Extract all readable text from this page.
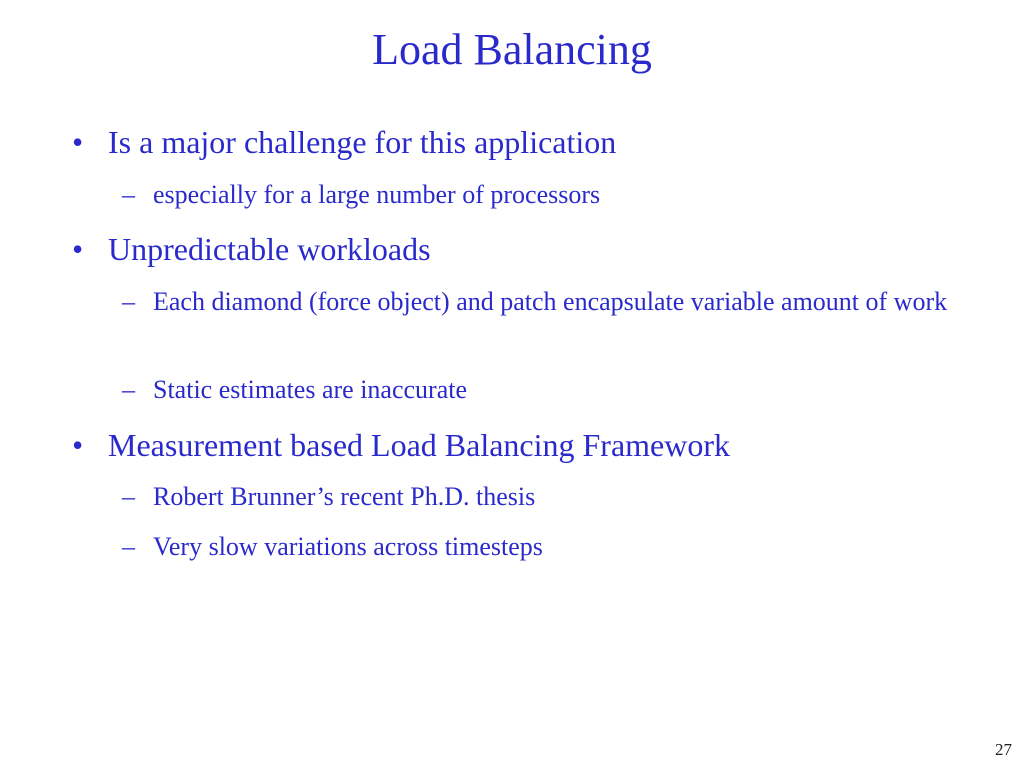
Load Balancing
• Is a major challenge for this application
– especially for a large number of processors
• Unpredictable workloads
– Each diamond (force object) and patch encapsulate variable amount of work
– Static estimates are inaccurate
• Measurement based Load Balancing Framework
– Robert Brunner’s recent Ph.D. thesis
– Very slow variations across timesteps
27
